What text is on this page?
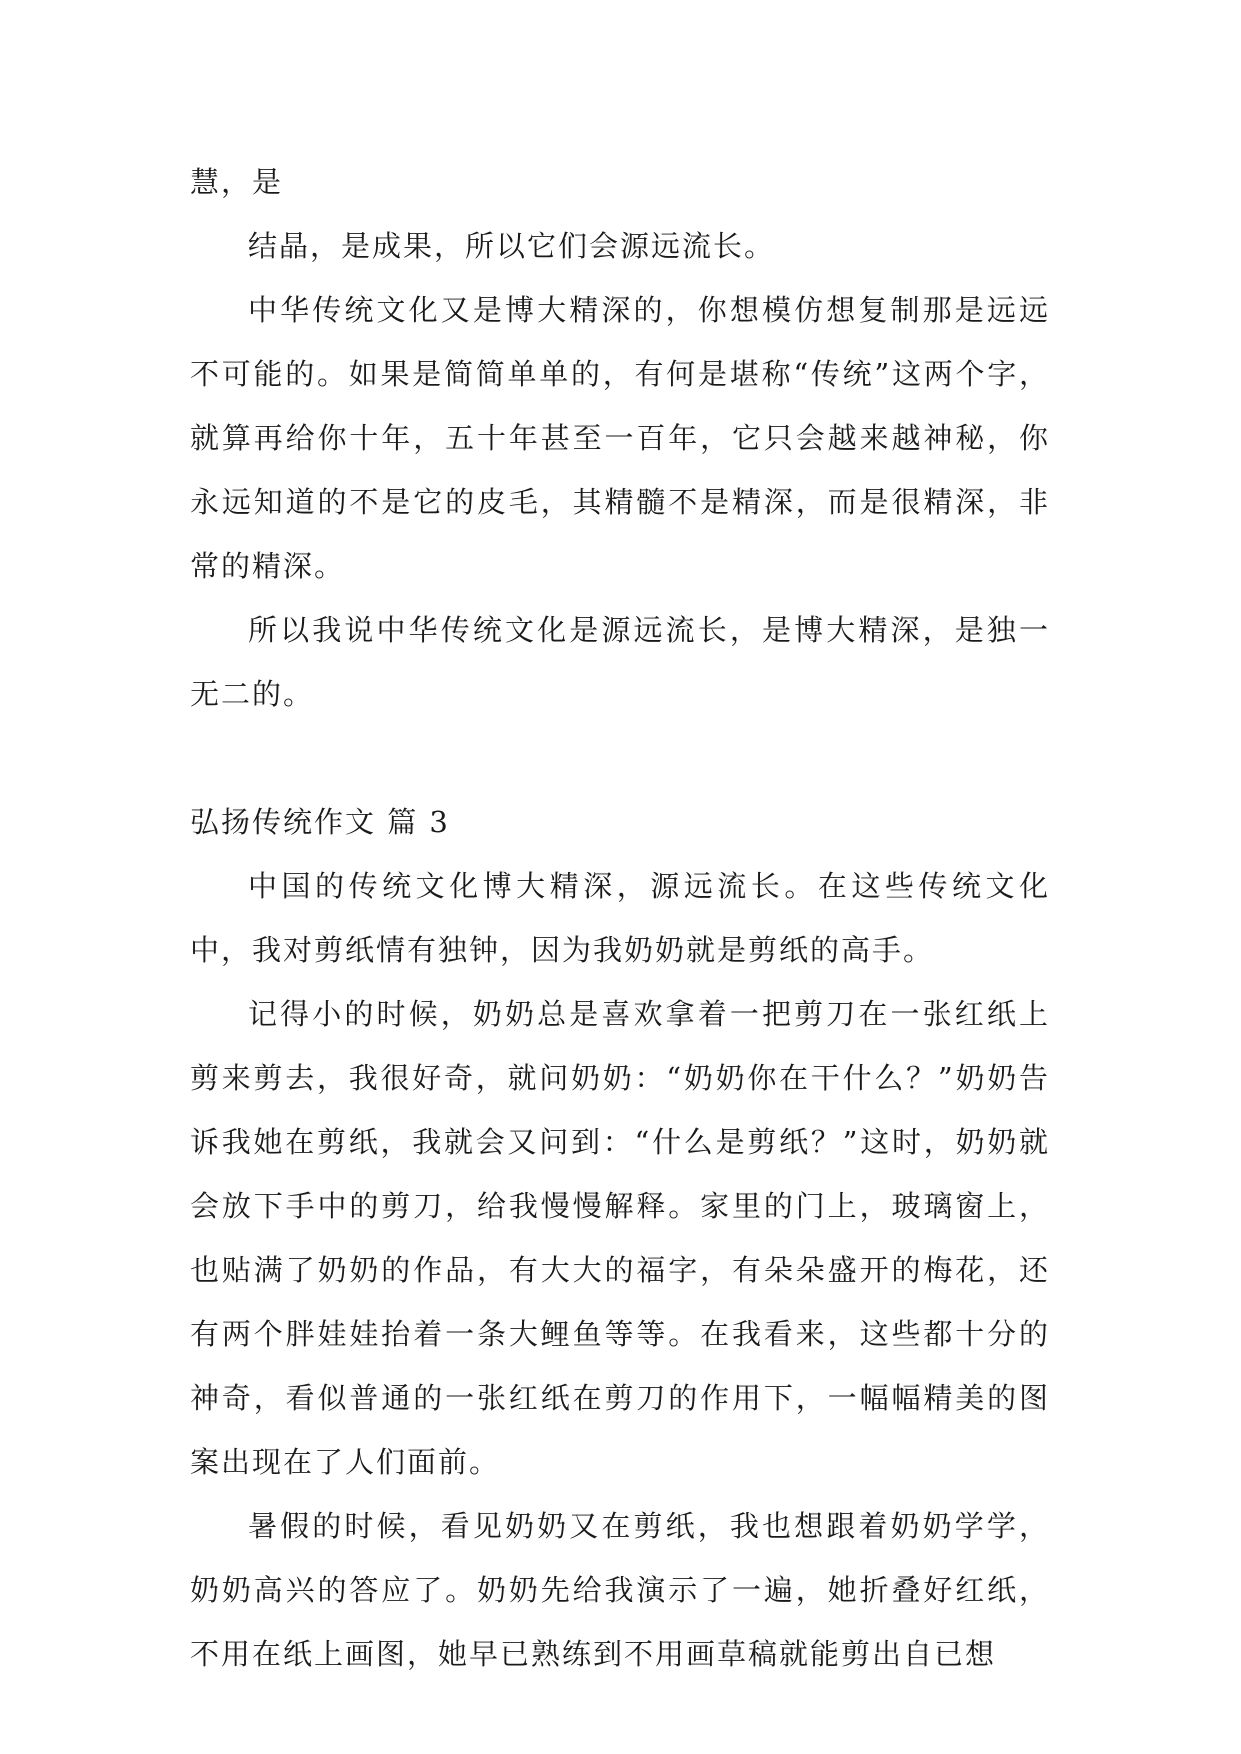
慧，是

结晶，是成果，所以它们会源远流长。

中华传统文化又是博大精深的，你想模仿想复制那是远远不可能的。如果是简简单单的，有何是堪称“传统”这两个字，就算再给你十年，五十年甚至一百年，它只会越来越神秘，你永远知道的不是它的皮毛，其精髓不是精深，而是很精深，非常的精深。

所以我说中华传统文化是源远流长，是博大精深，是独一无二的。

弘扬传统作文 篇 3

中国的传统文化博大精深，源远流长。在这些传统文化中，我对剪纸情有独钟，因为我奶奶就是剪纸的高手。

记得小的时候，奶奶总是喜欢拿着一把剪刀在一张红纸上剪来剪去，我很好奇，就问奶奶：“奶奶你在干什么？”奶奶告诉我她在剪纸，我就会又问到：“什么是剪纸？”这时，奶奶就会放下手中的剪刀，给我慢慢解释。家里的门上，玻璃窗上，也贴满了奶奶的作品，有大大的福字，有朵朵盛开的梅花，还有两个胖娃娃抬着一条大鲤鱼等等。在我看来，这些都十分的神奇，看似普通的一张红纸在剪刀的作用下，一幅幅精美的图案出现在了人们面前。

暑假的时候，看见奶奶又在剪纸，我也想跟着奶奶学学，奶奶高兴的答应了。奶奶先给我演示了一遍，她折叠好红纸，不用在纸上画图，她早已熟练到不用画草稿就能剪出自已想
